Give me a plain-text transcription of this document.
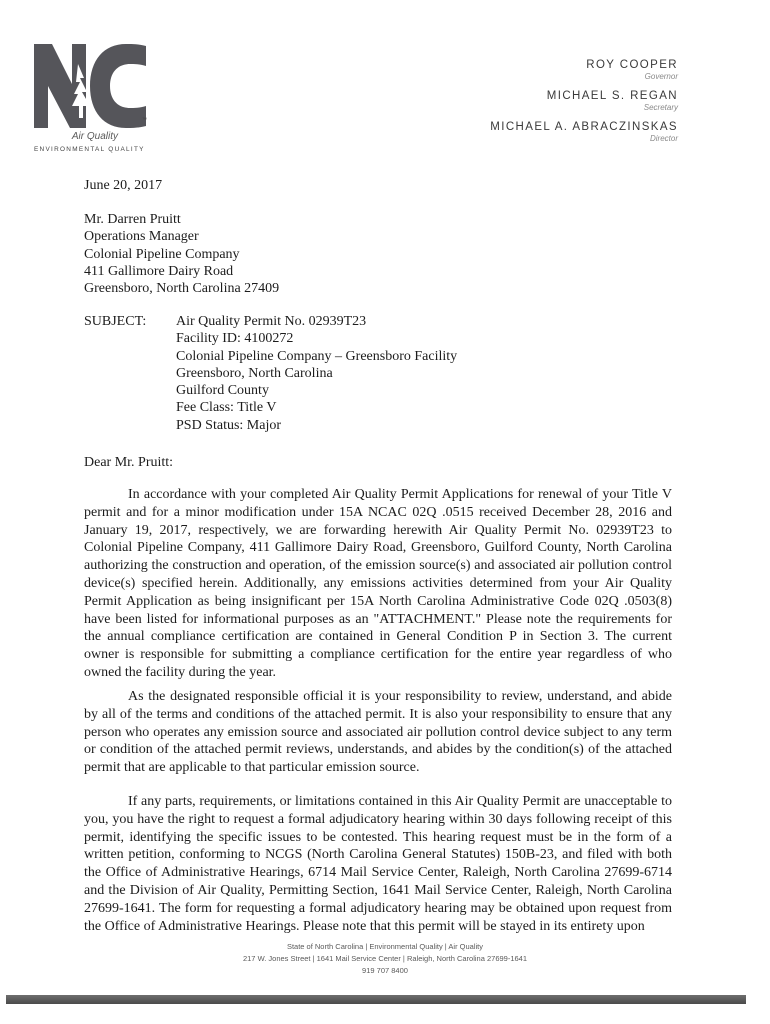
™
Air Quality
ENVIRONMENTAL QUALITY
ROY COOPER
Governor
MICHAEL S. REGAN
Secretary
MICHAEL A. ABRACZINSKAS
Director
June 20, 2017
Mr. Darren Pruitt
Operations Manager
Colonial Pipeline Company
411 Gallimore Dairy Road
Greensboro, North Carolina 27409
SUBJECT: Air Quality Permit No. 02939T23
Facility ID: 4100272
Colonial Pipeline Company – Greensboro Facility
Greensboro, North Carolina
Guilford County
Fee Class: Title V
PSD Status: Major
Dear Mr. Pruitt:

In accordance with your completed Air Quality Permit Applications for renewal of your Title V permit and for a minor modification under 15A NCAC 02Q .0515 received December 28, 2016 and January 19, 2017, respectively, we are forwarding herewith Air Quality Permit No. 02939T23 to Colonial Pipeline Company, 411 Gallimore Dairy Road, Greensboro, Guilford County, North Carolina authorizing the construction and operation, of the emission source(s) and associated air pollution control device(s) specified herein. Additionally, any emissions activities determined from your Air Quality Permit Application as being insignificant per 15A North Carolina Administrative Code 02Q .0503(8) have been listed for informational purposes as an "ATTACHMENT." Please note the requirements for the annual compliance certification are contained in General Condition P in Section 3. The current owner is responsible for submitting a compliance certification for the entire year regardless of who owned the facility during the year.

As the designated responsible official it is your responsibility to review, understand, and abide by all of the terms and conditions of the attached permit. It is also your responsibility to ensure that any person who operates any emission source and associated air pollution control device subject to any term or condition of the attached permit reviews, understands, and abides by the condition(s) of the attached permit that are applicable to that particular emission source.

If any parts, requirements, or limitations contained in this Air Quality Permit are unacceptable to you, you have the right to request a formal adjudicatory hearing within 30 days following receipt of this permit, identifying the specific issues to be contested. This hearing request must be in the form of a written petition, conforming to NCGS (North Carolina General Statutes) 150B-23, and filed with both the Office of Administrative Hearings, 6714 Mail Service Center, Raleigh, North Carolina 27699-6714 and the Division of Air Quality, Permitting Section, 1641 Mail Service Center, Raleigh, North Carolina 27699-1641. The form for requesting a formal adjudicatory hearing may be obtained upon request from the Office of Administrative Hearings. Please note that this permit will be stayed in its entirety upon

State of North Carolina | Environmental Quality | Air Quality
217 W. Jones Street | 1641 Mail Service Center | Raleigh, North Carolina 27699-1641
919 707 8400
